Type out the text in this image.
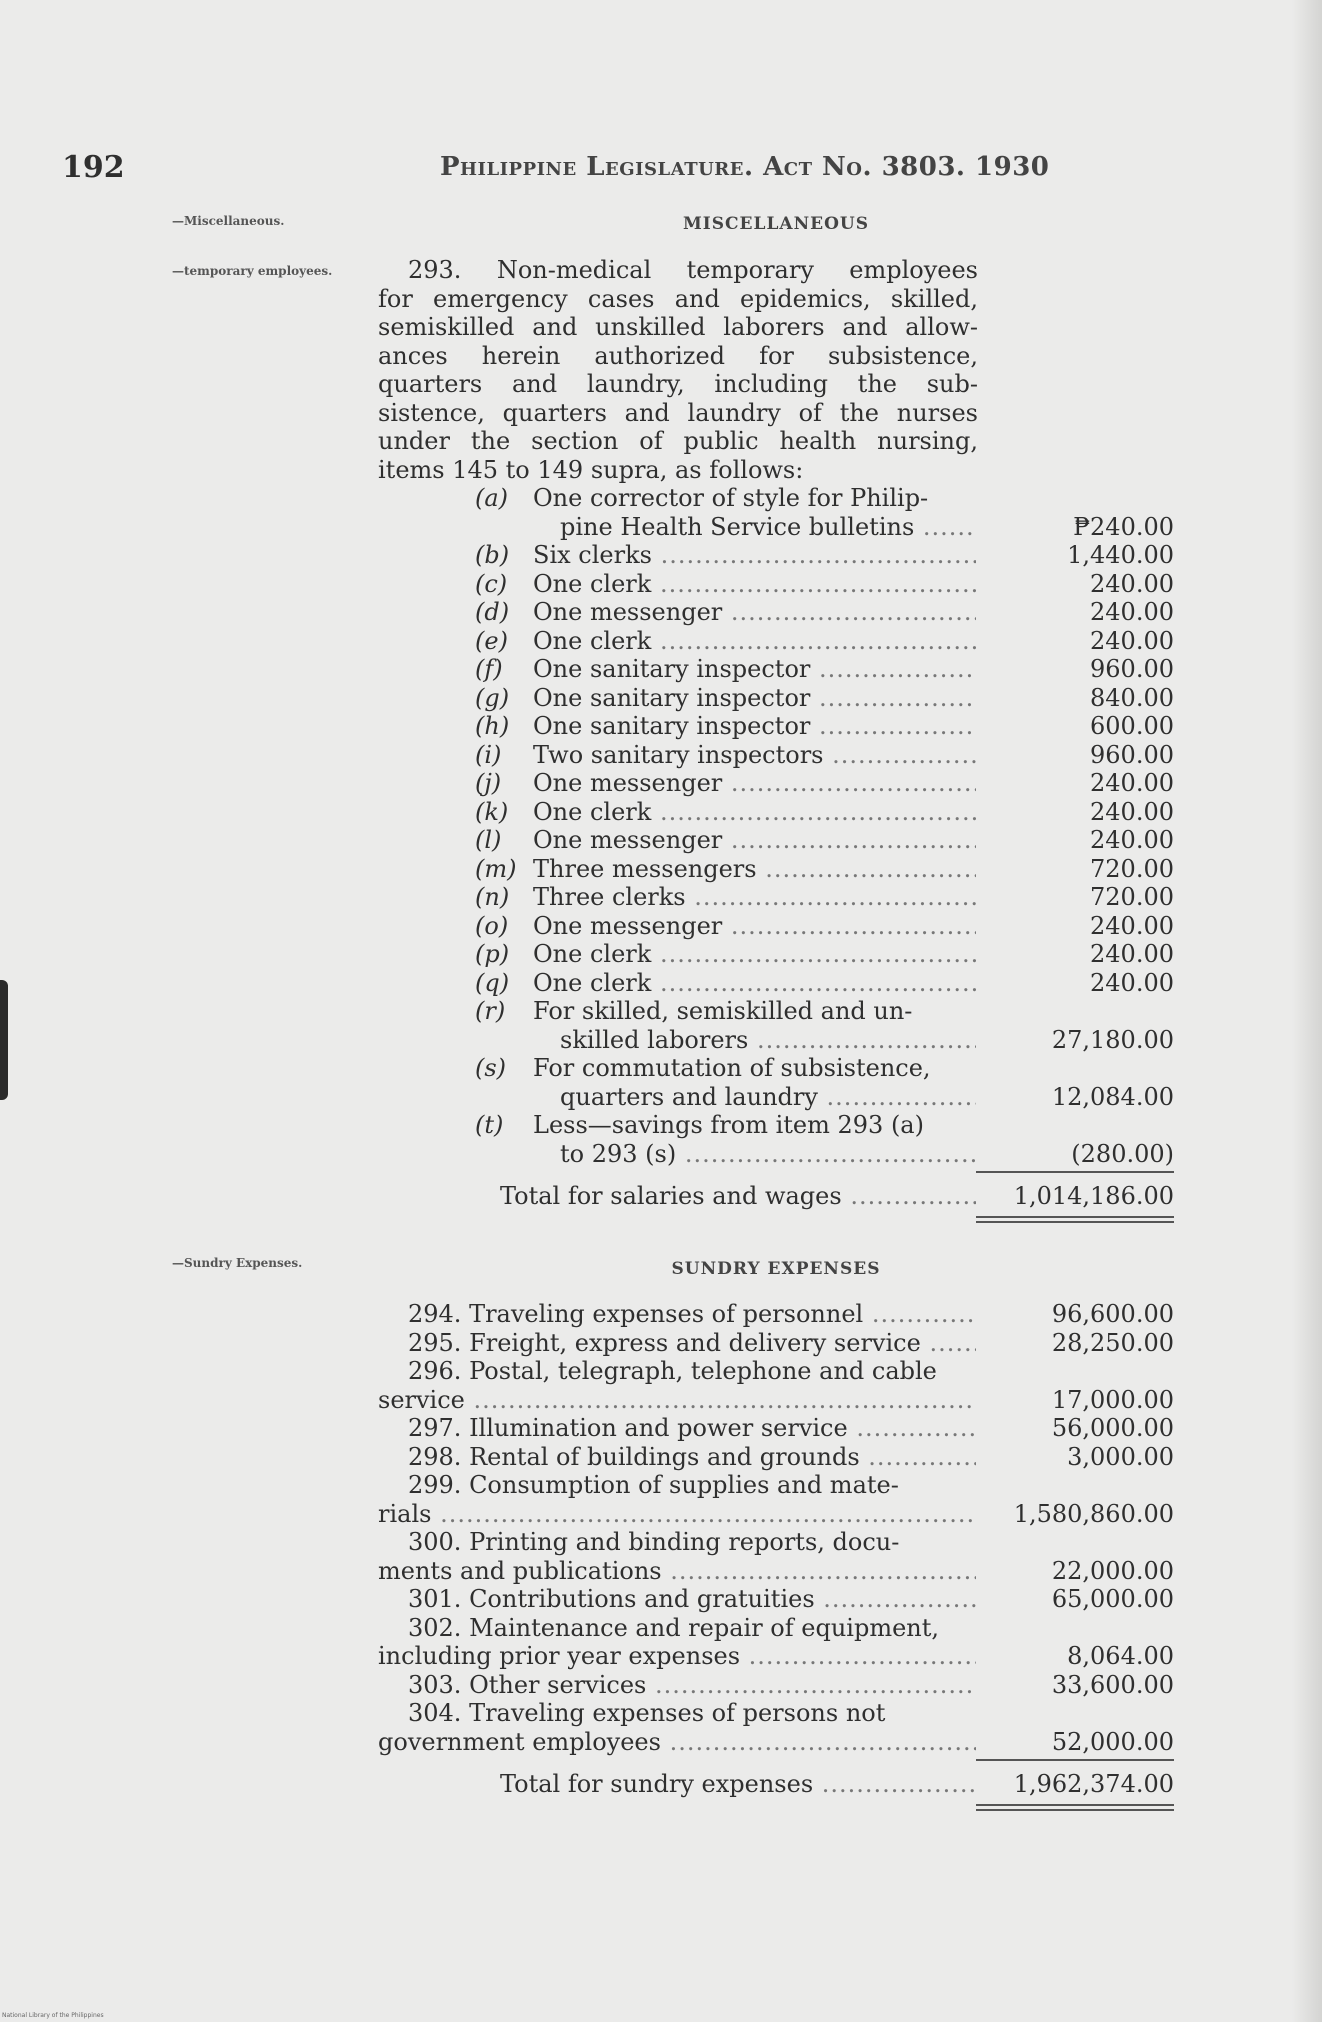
192	Philippine Legislature. Act No. 3803. 1930
—Miscellaneous.
—temporary employees.
—Sundry Expenses.
MISCELLANEOUS
SUNDRY EXPENSES
293. Non-medical temporary employees
for emergency cases and epidemics, skilled,
semiskilled and unskilled laborers and allow-
ances herein authorized for subsistence,
quarters and laundry, including the sub-
sistence, quarters and laundry of the nurses
under the section of public health nursing,
items 145 to 149 supra, as follows:
(a) One corrector of style for Philip-
pine Health Service bulletins .....	₱240.00
(b) Six clerks .....	1,440.00
(c) One clerk .....	240.00
(d) One messenger .....	240.00
(e) One clerk .....	240.00
(f) One sanitary inspector .....	960.00
(g) One sanitary inspector .....	840.00
(h) One sanitary inspector .....	600.00
(i) Two sanitary inspectors .....	960.00
(j) One messenger .....	240.00
(k) One clerk .....	240.00
(l) One messenger .....	240.00
(m) Three messengers .....	720.00
(n) Three clerks .....	720.00
(o) One messenger .....	240.00
(p) One clerk .....	240.00
(q) One clerk .....	240.00
(r) For skilled, semiskilled and un-
skilled laborers .....	27,180.00
(s) For commutation of subsistence,
quarters and laundry .....	12,084.00
(t) Less—savings from item 293 (a)
to 293 (s) .....	(280.00)
Total for salaries and wages .....	1,014,186.00
294. Traveling expenses of personnel .....	96,600.00
295. Freight, express and delivery service .....	28,250.00
296. Postal, telegraph, telephone and cable
service .....	17,000.00
297. Illumination and power service .....	56,000.00
298. Rental of buildings and grounds .....	3,000.00
299. Consumption of supplies and mate-
rials .....	1,580,860.00
300. Printing and binding reports, docu-
ments and publications .....	22,000.00
301. Contributions and gratuities .....	65,000.00
302. Maintenance and repair of equipment,
including prior year expenses .....	8,064.00
303. Other services .....	33,600.00
304. Traveling expenses of persons not
government employees .....	52,000.00
Total for sundry expenses .....	1,962,374.00
National Library of the Philippines
